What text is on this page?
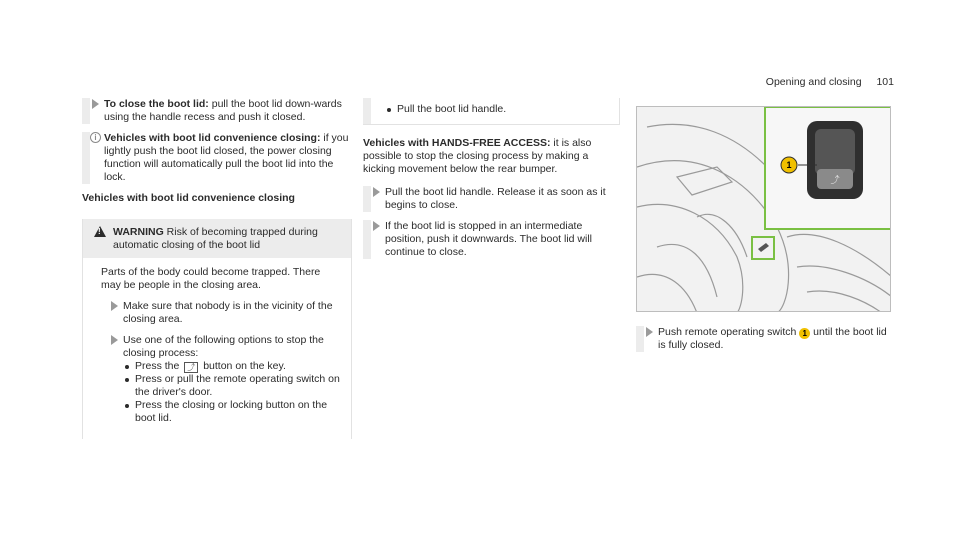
Opening and closing 101
To close the boot lid: pull the boot lid down‑wards using the handle recess and push it closed.
i Vehicles with boot lid convenience closing: if you lightly push the boot lid closed, the power closing function will automatically pull the boot lid into the lock.
Vehicles with boot lid convenience closing
!
WARNING Risk of becoming trapped during automatic closing of the boot lid

Parts of the body could become trapped. There may be people in the closing area.

Make sure that nobody is in the vicinity of the closing area.
Use one of the following options to stop the closing process:
Press the ⤴ button on the key.
Press or pull the remote operating switch on the driver's door.
Press the closing or locking button on the boot lid.
Pull the boot lid handle.

Vehicles with HANDS-FREE ACCESS: it is also possible to stop the closing process by making a kicking movement below the rear bumper.

Pull the boot lid handle. Release it as soon as it begins to close.
If the boot lid is stopped in an intermediate position, push it downwards. The boot lid will continue to close.
⤴
1
Push remote operating switch 1 until the boot lid is fully closed.
